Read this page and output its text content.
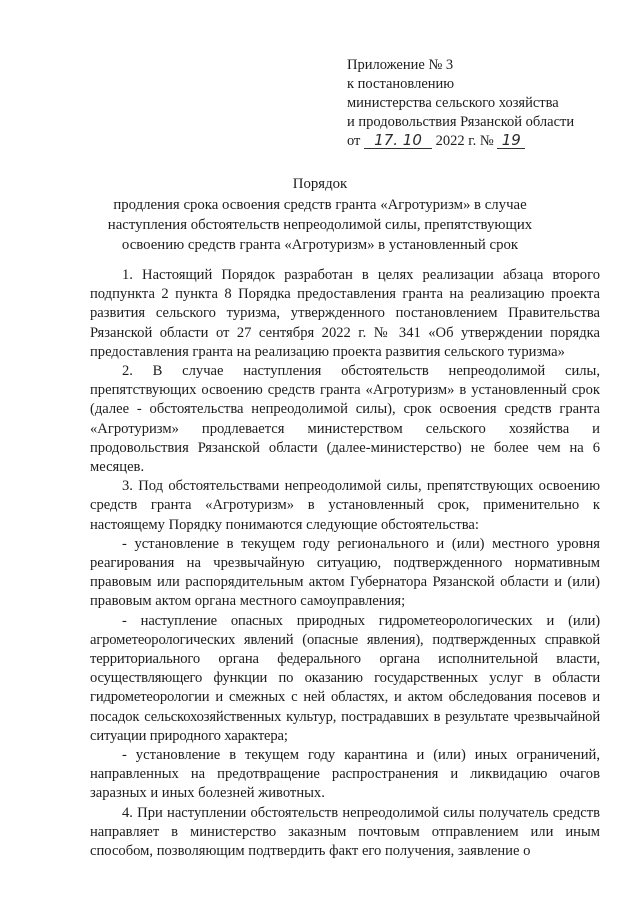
Приложение № 3
к постановлению
министерства сельского хозяйства
и продовольствия Рязанской области
от 17. 10 2022 г. № 19
Порядок
продления срока освоения средств гранта «Агротуризм» в случае наступления обстоятельств непреодолимой силы, препятствующих освоению средств гранта «Агротуризм» в установленный срок

1. Настоящий Порядок разработан в целях реализации абзаца второго подпункта 2 пункта 8 Порядка предоставления гранта на реализацию проекта развития сельского туризма, утвержденного постановлением Правительства Рязанской области от 27 сентября 2022 г. № 341 «Об утверждении порядка предоставления гранта на реализацию проекта развития сельского туризма»

2. В случае наступления обстоятельств непреодолимой силы, препятствующих освоению средств гранта «Агротуризм» в установленный срок (далее - обстоятельства непреодолимой силы), срок освоения средств гранта «Агротуризм» продлевается министерством сельского хозяйства и продовольствия Рязанской области (далее-министерство) не более чем на 6 месяцев.

3. Под обстоятельствами непреодолимой силы, препятствующих освоению средств гранта «Агротуризм» в установленный срок, применительно к настоящему Порядку понимаются следующие обстоятельства:

- установление в текущем году регионального и (или) местного уровня реагирования на чрезвычайную ситуацию, подтвержденного нормативным правовым или распорядительным актом Губернатора Рязанской области и (или) правовым актом органа местного самоуправления;

- наступление опасных природных гидрометеорологических и (или) агрометеорологических явлений (опасные явления), подтвержденных справкой территориального органа федерального органа исполнительной власти, осуществляющего функции по оказанию государственных услуг в области гидрометеорологии и смежных с ней областях, и актом обследования посевов и посадок сельскохозяйственных культур, пострадавших в результате чрезвычайной ситуации природного характера;

- установление в текущем году карантина и (или) иных ограничений, направленных на предотвращение распространения и ликвидацию очагов заразных и иных болезней животных.

4. При наступлении обстоятельств непреодолимой силы получатель средств направляет в министерство заказным почтовым отправлением или иным способом, позволяющим подтвердить факт его получения, заявление о
